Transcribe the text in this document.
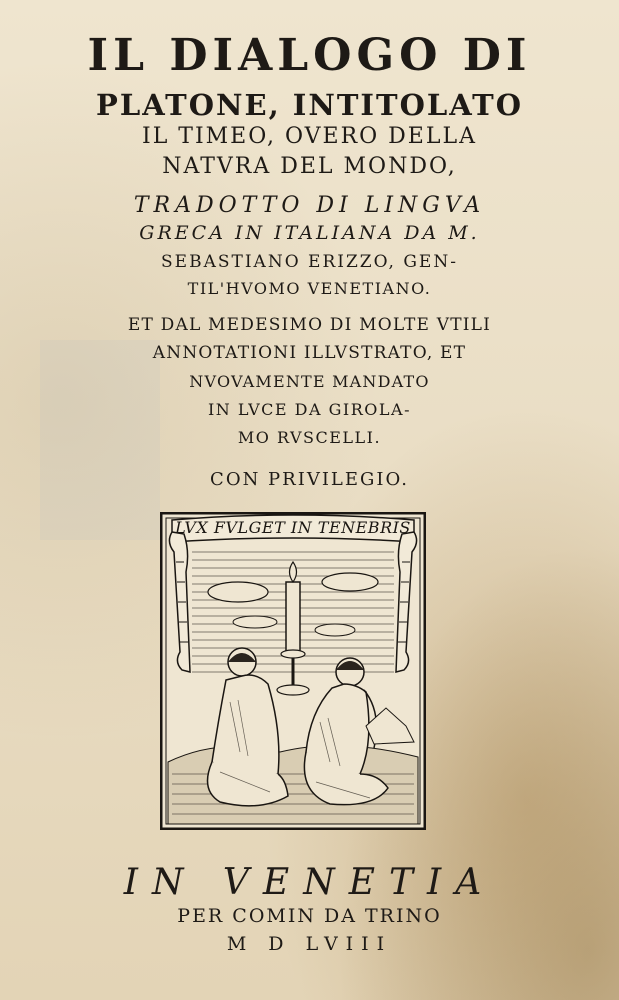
IL DIALOGO DI
PLATONE, INTITOLATO
IL TIMEO, OVERO DELLA
NATVRA DEL MONDO,
TRADOTTO DI LINGVA
GRECA IN ITALIANA DA M.
SEBASTIANO ERIZZO, GEN-
TIL'HVOMO VENETIANO.
ET DAL MEDESIMO DI MOLTE VTILI
ANNOTATIONI ILLVSTRATO, ET
NVOVAMENTE MANDATO
IN LVCE DA GIROLA-
MO RVSCELLI.
CON PRIVILEGIO.
LVX FVLGET IN TENEBRIS
IN VENETIA
PER COMIN DA TRINO
M D LVIII
